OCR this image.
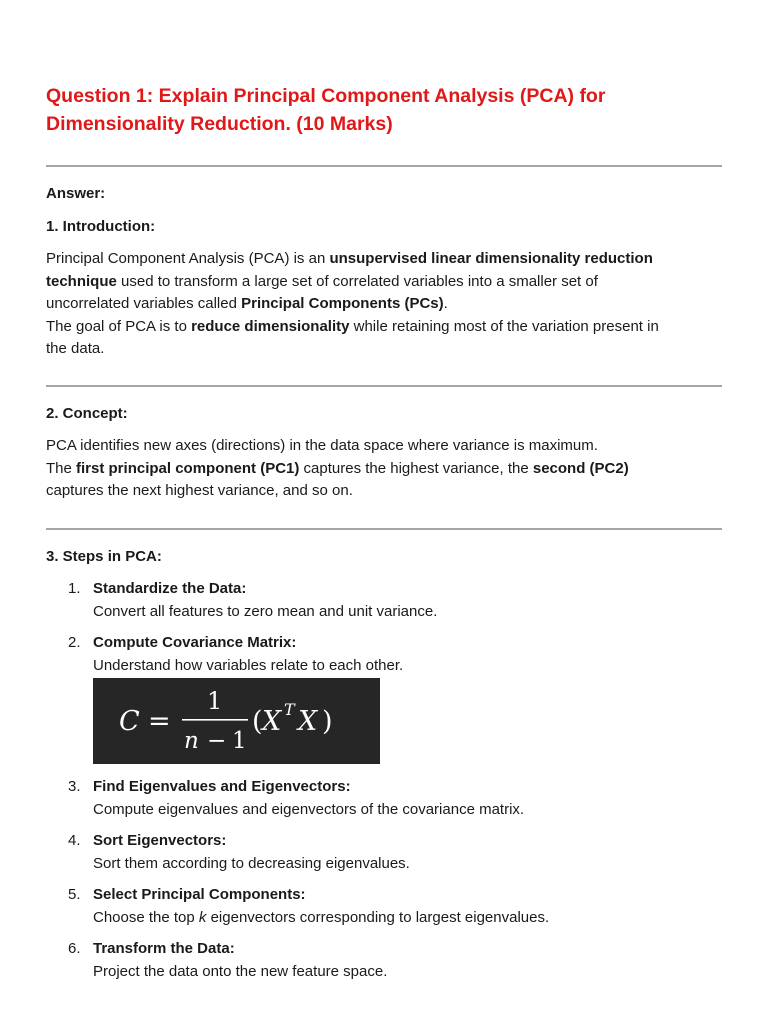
Question 1: Explain Principal Component Analysis (PCA) for
Dimensionality Reduction. (10 Marks)

Answer:

1. Introduction:

Principal Component Analysis (PCA) is an unsupervised linear dimensionality reduction
technique used to transform a large set of correlated variables into a smaller set of
uncorrelated variables called Principal Components (PCs).
The goal of PCA is to reduce dimensionality while retaining most of the variation present in
the data.

2. Concept:

PCA identifies new axes (directions) in the data space where variance is maximum.
The first principal component (PC1) captures the highest variance, the second (PC2)
captures the next highest variance, and so on.

3. Steps in PCA:

1. Standardize the Data:
Convert all features to zero mean and unit variance.
2. Compute Covariance Matrix:
Understand how variables relate to each other.
C =
1
n − 1
( X T X )
3. Find Eigenvalues and Eigenvectors:
Compute eigenvalues and eigenvectors of the covariance matrix.
4. Sort Eigenvectors:
Sort them according to decreasing eigenvalues.
5. Select Principal Components:
Choose the top k eigenvectors corresponding to largest eigenvalues.
6. Transform the Data:
Project the data onto the new feature space.
